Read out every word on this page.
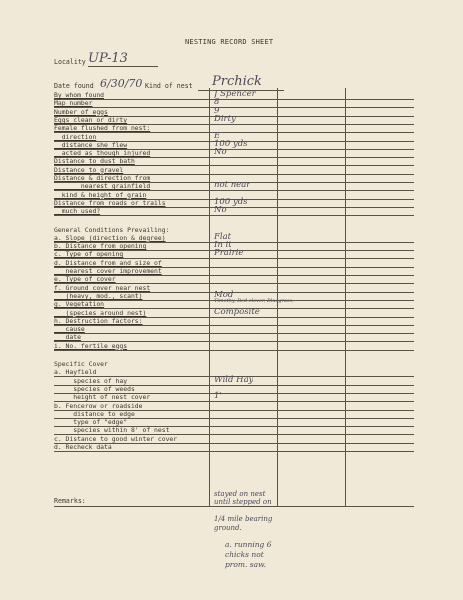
NESTING RECORD SHEET
Locality UP-13
Date found 6/30/70 Kind of nest Prchick
By whom found	J Spencer
Map number	8
Number of eggs	9
Eggs clean or dirty	Dirty
Female flushed from nest:
direction	E
distance she flew	100 yds
acted as though injured	No
Distance to dust bath
Distance to gravel
Distance & direction from
nearest grainfield	not near
kind & height of grain
Distance from roads or trails	100 yds
much used?	No
General Conditions Prevailing:
a. Slope (direction & degree)	Flat
b. Distance from opening	In it
c. Type of opening	Prairie
d. Distance from and size of
nearest cover improvement
e. Type of cover
f. Ground cover near nest
(heavy, mod., scant)	Mod
g. Vegetation	Timothy, Red clover, Bluegrass,
(species around nest)	Composite
h. Destruction factors:
cause
date
i. No. fertile eggs
Specific Cover
a. Hayfield
species of hay	Wild Hay
species of weeds
height of nest cover	1'
b. Fencerow or roadside
distance to edge
type of "edge"
species within 8' of nest
c. Distance to good winter cover
d. Recheck data
Remarks:
stayed on nest until stepped on
1/4 mile bearing ground.
a. running 6 chicks not prom. saw.
